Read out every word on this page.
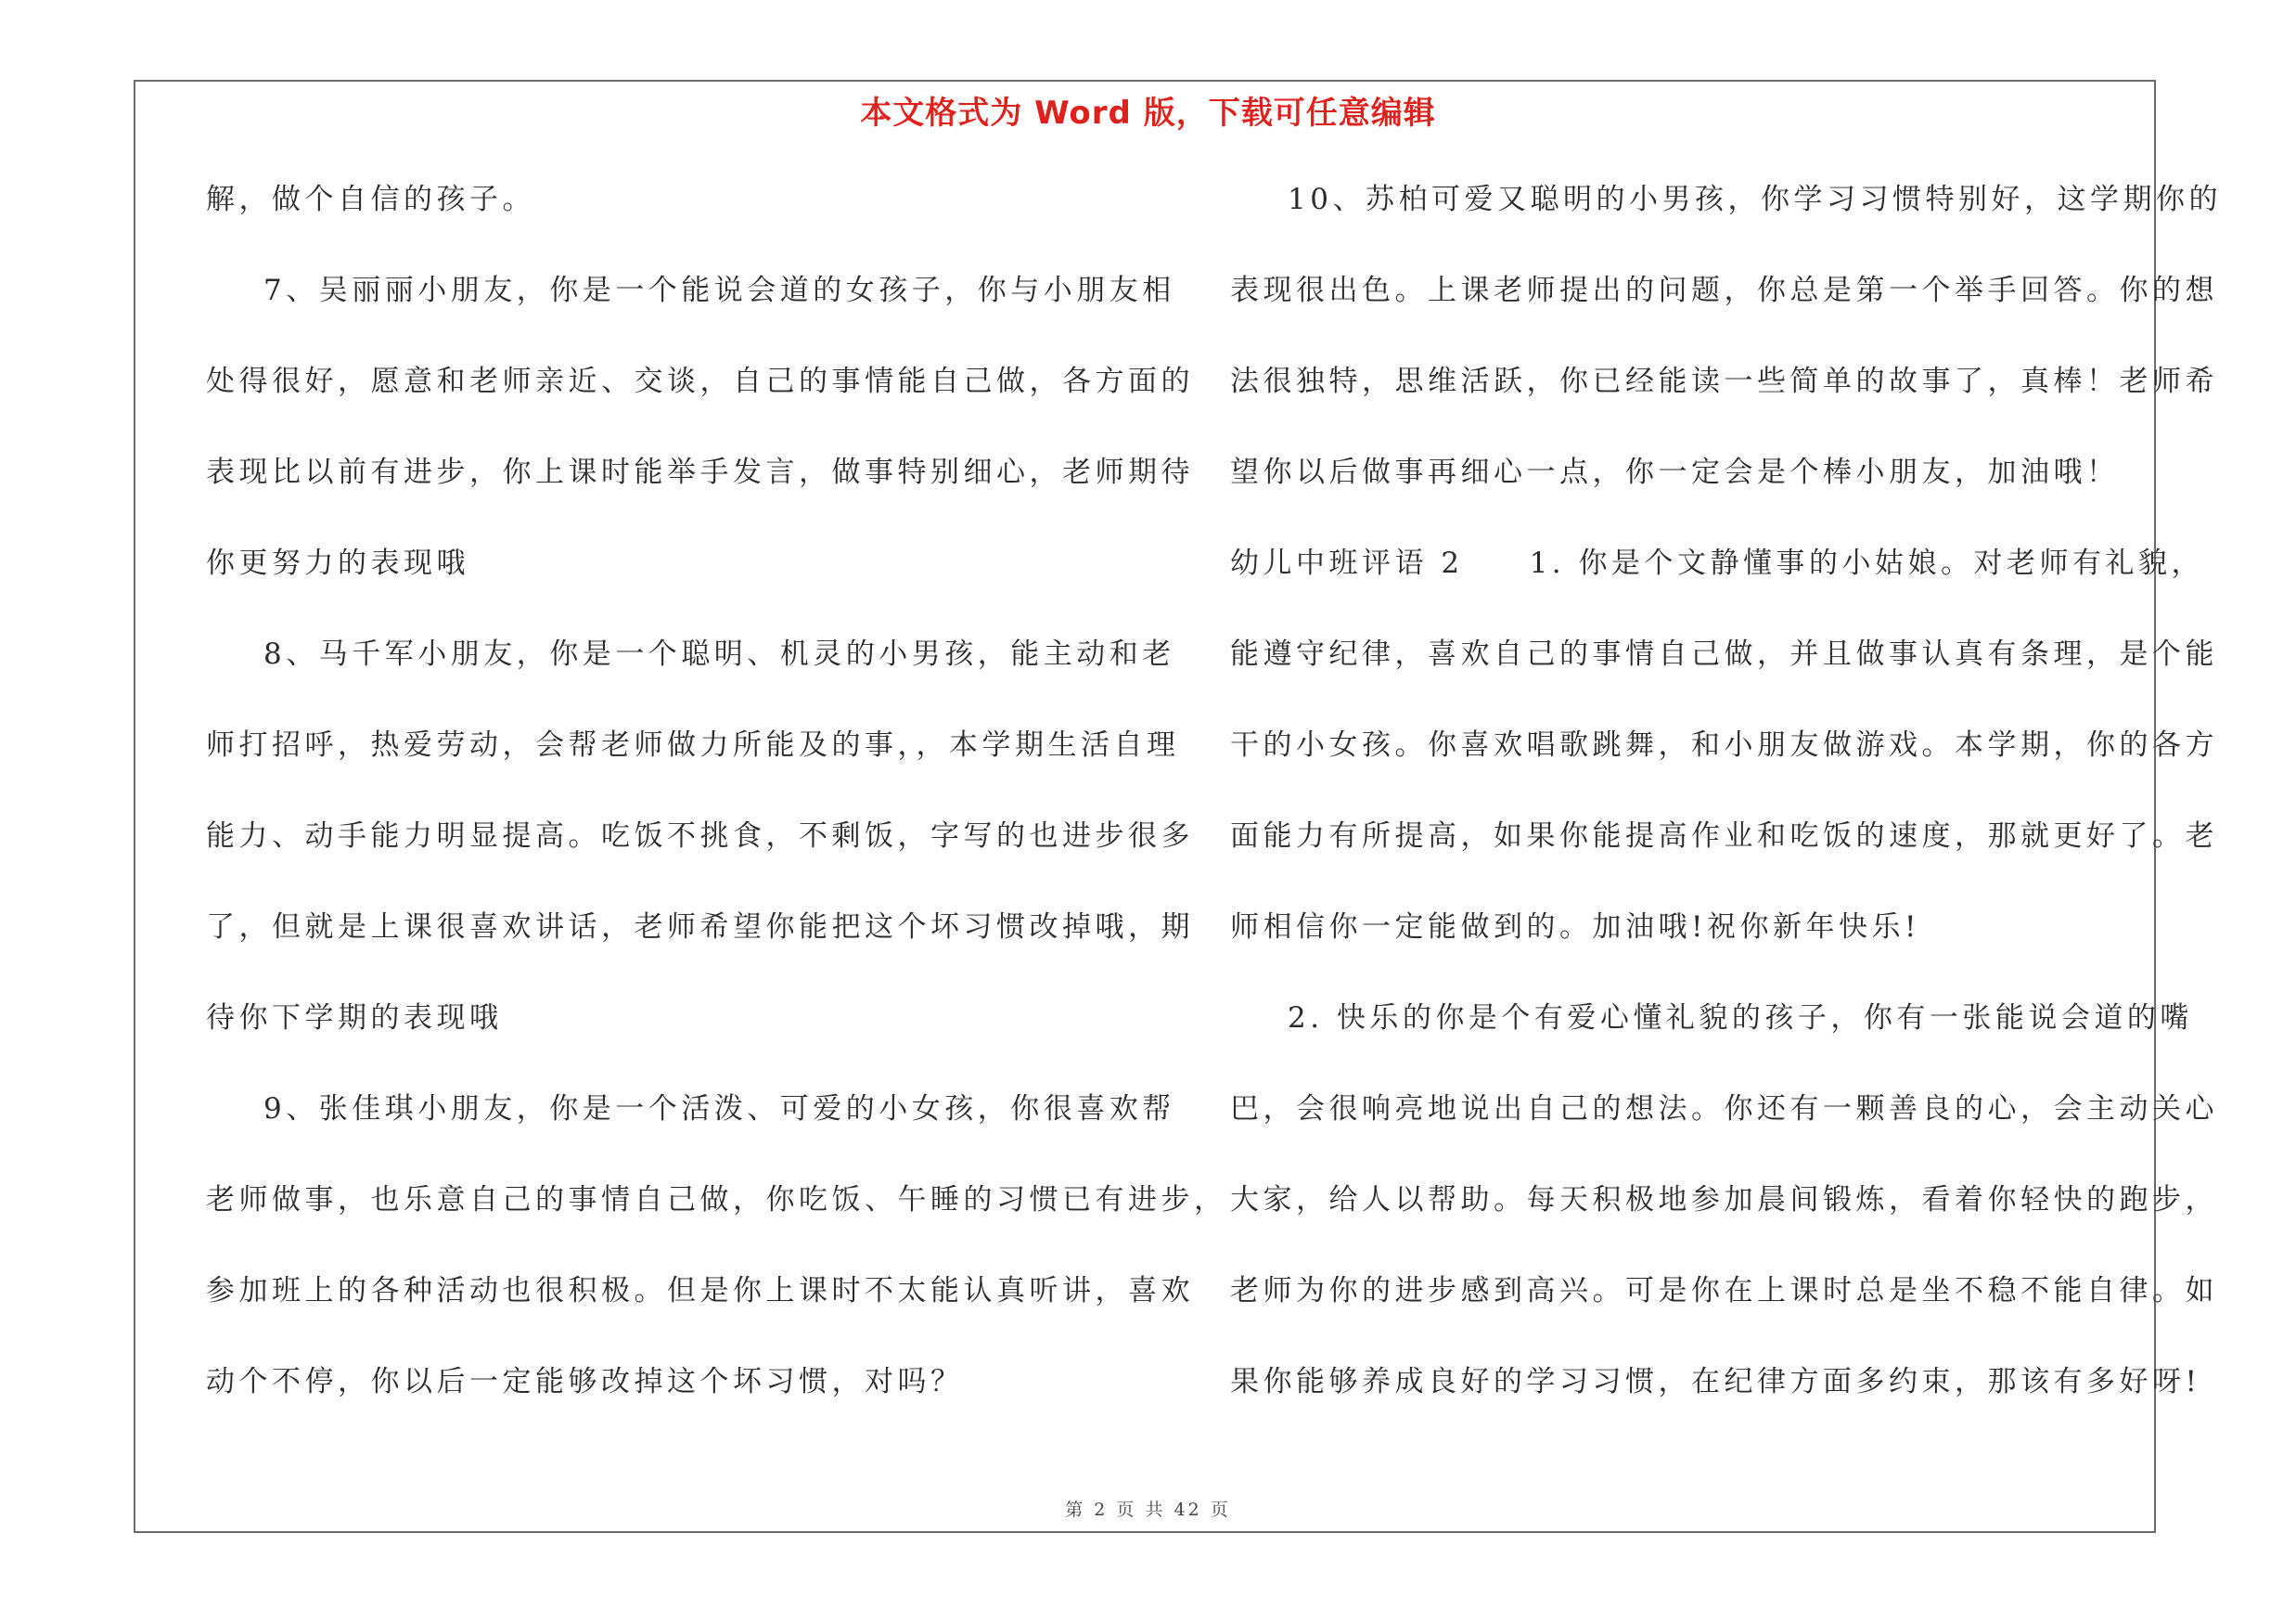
本文格式为 Word 版，下载可任意编辑
解，做个自信的孩子。
7、吴丽丽小朋友，你是一个能说会道的女孩子，你与小朋友相
处得很好，愿意和老师亲近、交谈，自己的事情能自己做，各方面的
表现比以前有进步，你上课时能举手发言，做事特别细心，老师期待
你更努力的表现哦
8、马千军小朋友，你是一个聪明、机灵的小男孩，能主动和老
师打招呼，热爱劳动，会帮老师做力所能及的事，，本学期生活自理
能力、动手能力明显提高。吃饭不挑食，不剩饭，字写的也进步很多
了，但就是上课很喜欢讲话，老师希望你能把这个坏习惯改掉哦，期
待你下学期的表现哦
9、张佳琪小朋友，你是一个活泼、可爱的小女孩，你很喜欢帮
老师做事，也乐意自己的事情自己做，你吃饭、午睡的习惯已有进步，
参加班上的各种活动也很积极。但是你上课时不太能认真听讲，喜欢
动个不停，你以后一定能够改掉这个坏习惯，对吗？
10、苏柏可爱又聪明的小男孩，你学习习惯特别好，这学期你的
表现很出色。上课老师提出的问题，你总是第一个举手回答。你的想
法很独特，思维活跃，你已经能读一些简单的故事了，真棒！老师希
望你以后做事再细心一点，你一定会是个棒小朋友，加油哦！
幼儿中班评语 2　　1. 你是个文静懂事的小姑娘。对老师有礼貌，
能遵守纪律，喜欢自己的事情自己做，并且做事认真有条理，是个能
干的小女孩。你喜欢唱歌跳舞，和小朋友做游戏。本学期，你的各方
面能力有所提高，如果你能提高作业和吃饭的速度，那就更好了。老
师相信你一定能做到的。加油哦!祝你新年快乐!
2. 快乐的你是个有爱心懂礼貌的孩子，你有一张能说会道的嘴
巴，会很响亮地说出自己的想法。你还有一颗善良的心，会主动关心
大家，给人以帮助。每天积极地参加晨间锻炼，看着你轻快的跑步，
老师为你的进步感到高兴。可是你在上课时总是坐不稳不能自律。如
果你能够养成良好的学习习惯，在纪律方面多约束，那该有多好呀!
第 2 页 共 42 页
